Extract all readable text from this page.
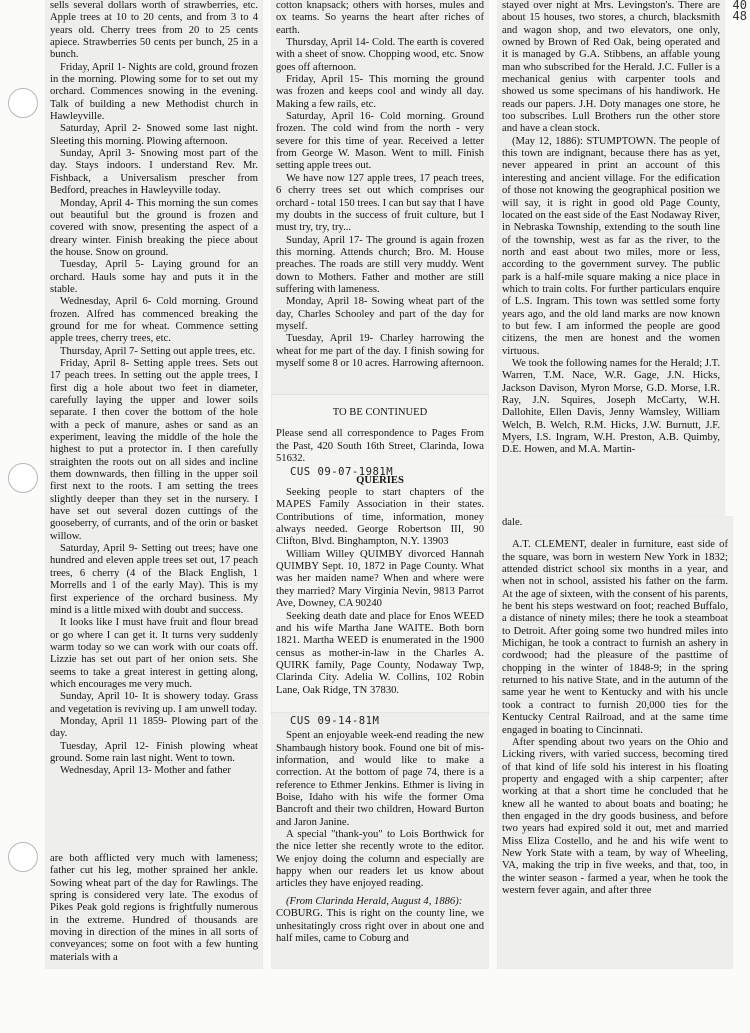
40
48

sells several dollars worth of strawberries, etc. Apple trees at 10 to 20 cents, and from 3 to 4 years old. Cherry trees from 20 to 25 cents apiece. Strawberries 50 cents per bunch, 25 in a bunch.

Friday, April 1- Nights are cold, ground frozen in the morning. Plowing some for to set out my orchard. Commences snowing in the evening. Talk of building a new Methodist church in Hawleyville.

Saturday, April 2- Snowed some last night. Sleeting this morning. Plowing afternoon.

Sunday, April 3- Snowing most part of the day. Stays indoors. I understand Rev. Mr. Fishback, a Universalism prescher from Bedford, preaches in Hawleyville today.

Monday, April 4- This morning the sun comes out beautiful but the ground is frozen and covered with snow, presenting the aspect of a dreary winter. Finish breaking the piece about the house. Snow on ground.

Tuesday, April 5- Laying ground for an orchard. Hauls some hay and puts it in the stable.

Wednesday, April 6- Cold morning. Ground frozen. Alfred has commenced breaking the ground for me for wheat. Commence setting apple trees, cherry trees, etc.

Thursday, April 7- Setting out apple trees, etc.

Friday, April 8- Setting apple trees. Sets out 17 peach trees. In setting out the apple trees, I first dig a hole about two feet in diameter, carefully laying the upper and lower soils separate. I then cover the bottom of the hole with a peck of manure, ashes or sand as an experiment, leaving the middle of the hole the highest to put a protector in. I then carefully straighten the roots out on all sides and incline them downwards, then filling in the upper soil first next to the roots. I am setting the trees slightly deeper than they set in the nursery. I have set out several dozen cuttings of the gooseberry, of currants, and of the orin or basket willow.

Saturday, April 9- Setting out trees; have one hundred and eleven apple trees set out, 17 peach trees, 6 cherry (4 of the Black English, 1 Morrells and 1 of the early May). This is my first experience of the orchard business. My mind is a little mixed with doubt and success.

It looks like I must have fruit and flour bread or go where I can get it. It turns very suddenly warm today so we can work with our coats off. Lizzie has set out part of her onion sets. She seems to take a great interest in getting along, which encourages me very much.

Sunday, April 10- It is showery today. Grass and vegetation is reviving up. I am unwell today.

Monday, April 11 1859- Plowing part of the day.

Tuesday, April 12- Finish plowing wheat ground. Some rain last night. Went to town.

Wednesday, April 13- Mother and father

are both afflicted very much with lameness; father cut his leg, mother sprained her ankle. Sowing wheat part of the day for Rawlings. The spring is considered very late. The exodus of Pikes Peak gold regions is frightfully numerous in the extreme. Hundred of thousands are moving in direction of the mines in all sorts of conveyances; some on foot with a few hunting materials with a

cotton knapsack; others with horses, mules and ox teams. So yearns the heart after riches of earth.

Thursday, April 14- Cold. The earth is covered with a sheet of snow. Chopping wood, etc. Snow goes off afternoon.

Friday, April 15- This morning the ground was frozen and keeps cool and windy all day. Making a few rails, etc.

Saturday, April 16- Cold morning. Ground frozen. The cold wind from the north - very severe for this time of year. Received a letter from George W. Mason. Went to mill. Finish setting apple trees out.

We have now 127 apple trees, 17 peach trees, 6 cherry trees set out which comprises our orchard - total 150 trees. I can but say that I have my doubts in the success of fruit culture, but I must try, try, try...

Sunday, April 17- The ground is again frozen this morning. Attends church; Bro. M. House preaches. The roads are still very muddy. Went down to Mothers. Father and mother are still suffering with lameness.

Monday, April 18- Sowing wheat part of the day, Charles Schooley and part of the day for myself.

Tuesday, April 19- Charley harrowing the wheat for me part of the day. I finish sowing for myself some 8 or 10 acres. Harrowing afternoon.

TO BE CONTINUED

Please send all correspondence to Pages From the Past, 420 South 16th Street, Clarinda, Iowa 51632.

CUS 09-07-1981M

QUERIES

Seeking people to start chapters of the MAPES Family Association in their states. Contributions of time, information, money always needed. George Robertson III, 90 Clifton, Blvd. Binghampton, N.Y. 13903

William Willey QUIMBY divorced Hannah QUIMBY Sept. 10, 1872 in Page County. What was her maiden name? When and where were they married? Mary Virginia Nevin, 9813 Parrot Ave, Downey, CA 90240

Seeking death date and place for Enos WEED and his wife Martha Jane WAITE. Both born 1821. Martha WEED is enumerated in the 1900 census as mother-in-law in the Charles A. QUIRK family, Page County, Nodaway Twp, Clarinda City. Adelia W. Collins, 102 Robin Lane, Oak Ridge, TN 37830.

CUS 09-14-81M

Spent an enjoyable week-end reading the new Shambaugh history book. Found one bit of mis-information, and would like to make a correction. At the bottom of page 74, there is a reference to Ethmer Jenkins. Ethmer is living in Boise, Idaho with his wife the former Oma Bancroft and their two children, Howard Burton and Jaron Janine.

A special "thank-you" to Lois Borthwick for the nice letter she recently wrote to the editor. We enjoy doing the column and especially are happy when our readers let us know about articles they have enjoyed reading.

(From Clarinda Herald, August 4, 1886):

COBURG. This is right on the county line, we unhesitatingly cross right over in about one and half miles, came to Coburg and

stayed over night at Mrs. Levingston's. There are about 15 houses, two stores, a church, blacksmith and wagon shop, and two elevators, one only, owned by Brown of Red Oak, being operated and it is managed by G.A. Stibbens, an affable young man who subscribed for the Herald. J.C. Fuller is a mechanical genius with carpenter tools and showed us some specimans of his handiwork. He reads our papers. J.H. Doty manages one store, he too subscribes. Lull Brothers run the other store and have a clean stock.

(May 12, 1886): STUMPTOWN. The people of this town are indignant, because there has as yet, never appeared in print an account of this interesting and ancient village. For the edification of those not knowing the geographical position we will say, it is right in good old Page County, located on the east side of the East Nodaway River, in Nebraska Township, extending to the south line of the township, west as far as the river, to the north and east about two miles, more or less, according to the government survey. The public park is a half-mile square making a nice place in which to train colts. For further particulars enquire of L.S. Ingram. This town was settled some forty years ago, and the old land marks are now known to but few. I am informed the people are good citizens, the men are honest and the women virtuous.

We took the following names for the Herald; J.T. Warren, T.M. Nace, W.R. Gage, J.N. Hicks, Jackson Davison, Myron Morse, G.D. Morse, I.R. Ray, J.N. Squires, Joseph McCarty, W.H. Dallohite, Ellen Davis, Jenny Wamsley, William Welch, B. Welch, R.M. Hicks, J.W. Burnutt, J.F. Myers, I.S. Ingram, W.H. Preston, A.B. Quimby, D.E. Howen, and M.A. Martin-

dale.

A.T. CLEMENT, dealer in furniture, east side of the square, was born in western New York in 1832; attended district school six months in a year, and when not in school, assisted his father on the farm. At the age of sixteen, with the consent of his parents, he bent his steps westward on foot; reached Buffalo, a distance of ninety miles; there he took a steamboat to Detroit. After going some two hundred miles into Michigan, he took a contract to furnish an ashery in cordwood; had the pleasure of the pasttime of chopping in the winter of 1848-9; in the spring returned to his native State, and in the autumn of the same year he went to Kentucky and with his uncle took a contract to furnish 20,000 ties for the Kentucky Central Railroad, and at the same time engaged in boating to Cincinnati.

After spending about two years on the Ohio and Licking rivers, with varied success, becoming tired of that kind of life sold his interest in his floating property and engaged with a ship carpenter; after working at that a short time he concluded that he knew all he wanted to about boats and boating; he then engaged in the dry goods business, and before two years had expired sold it out, met and married Miss Eliza Costello, and he and his wife went to New York State with a team, by way of Wheeling, VA, making the trip in five weeks, and that, too, in the winter season - farmed a year, when he took the western fever again, and after three
